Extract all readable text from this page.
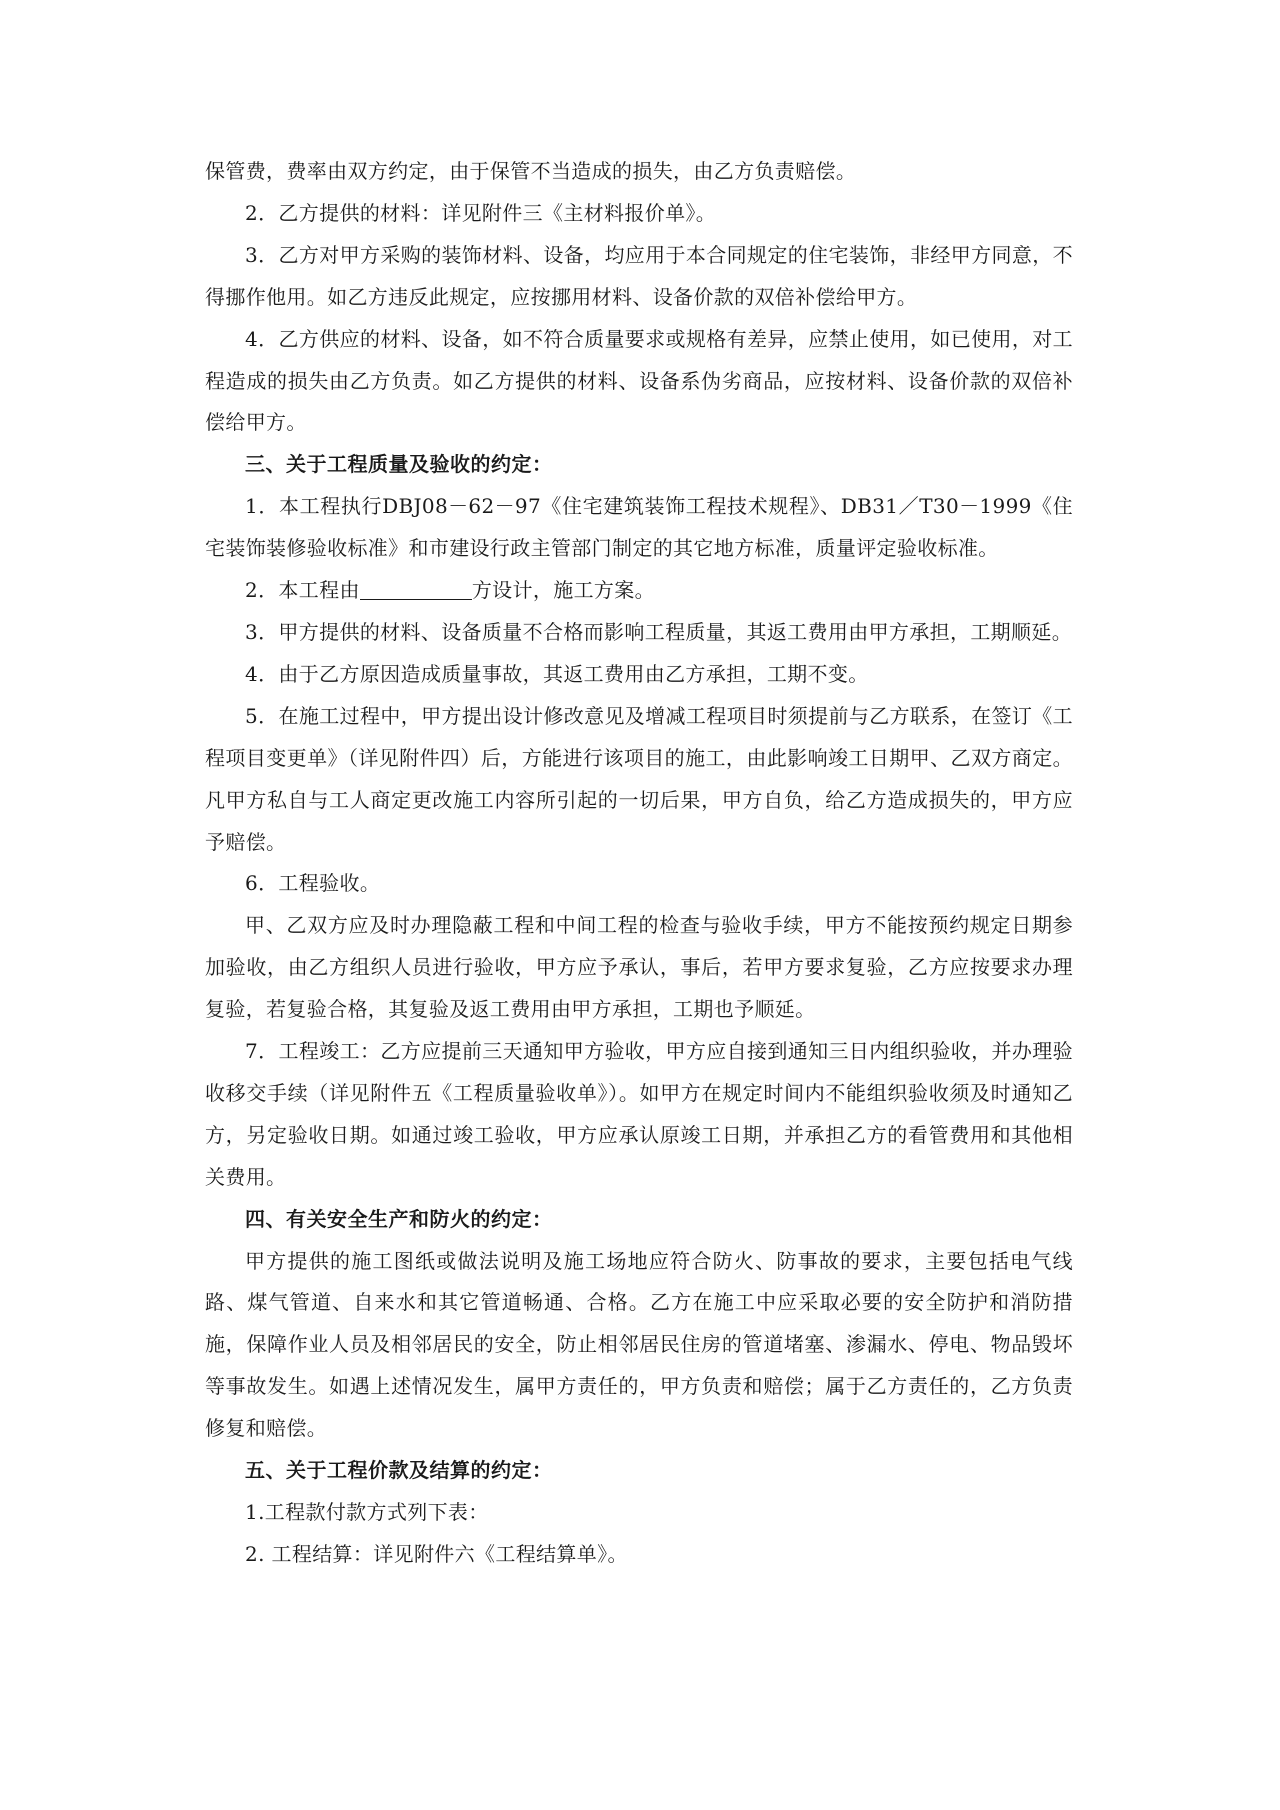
保管费，费率由双方约定，由于保管不当造成的损失，由乙方负责赔偿。

2．乙方提供的材料：详见附件三《主材料报价单》。

3．乙方对甲方采购的装饰材料、设备，均应用于本合同规定的住宅装饰，非经甲方同意，不得挪作他用。如乙方违反此规定，应按挪用材料、设备价款的双倍补偿给甲方。

4．乙方供应的材料、设备，如不符合质量要求或规格有差异，应禁止使用，如已使用，对工程造成的损失由乙方负责。如乙方提供的材料、设备系伪劣商品，应按材料、设备价款的双倍补偿给甲方。

三、关于工程质量及验收的约定：

1．本工程执行DBJ08－62－97《住宅建筑装饰工程技术规程》、DB31／T30－1999《住宅装饰装修验收标准》和市建设行政主管部门制定的其它地方标准，质量评定验收标准。

2．本工程由	方设计，施工方案。

3．甲方提供的材料、设备质量不合格而影响工程质量，其返工费用由甲方承担，工期顺延。

4．由于乙方原因造成质量事故，其返工费用由乙方承担，工期不变。

5．在施工过程中，甲方提出设计修改意见及增减工程项目时须提前与乙方联系，在签订《工程项目变更单》（详见附件四）后，方能进行该项目的施工，由此影响竣工日期甲、乙双方商定。凡甲方私自与工人商定更改施工内容所引起的一切后果，甲方自负，给乙方造成损失的，甲方应予赔偿。

6．工程验收。

甲、乙双方应及时办理隐蔽工程和中间工程的检查与验收手续，甲方不能按预约规定日期参加验收，由乙方组织人员进行验收，甲方应予承认，事后，若甲方要求复验，乙方应按要求办理复验，若复验合格，其复验及返工费用由甲方承担，工期也予顺延。

7．工程竣工：乙方应提前三天通知甲方验收，甲方应自接到通知三日内组织验收，并办理验收移交手续（详见附件五《工程质量验收单》）。如甲方在规定时间内不能组织验收须及时通知乙方，另定验收日期。如通过竣工验收，甲方应承认原竣工日期，并承担乙方的看管费用和其他相关费用。

四、有关安全生产和防火的约定：

甲方提供的施工图纸或做法说明及施工场地应符合防火、防事故的要求，主要包括电气线路、煤气管道、自来水和其它管道畅通、合格。乙方在施工中应采取必要的安全防护和消防措施，保障作业人员及相邻居民的安全，防止相邻居民住房的管道堵塞、渗漏水、停电、物品毁坏等事故发生。如遇上述情况发生，属甲方责任的，甲方负责和赔偿；属于乙方责任的，乙方负责修复和赔偿。

五、关于工程价款及结算的约定：

1.工程款付款方式列下表：

2. 工程结算：详见附件六《工程结算单》。
